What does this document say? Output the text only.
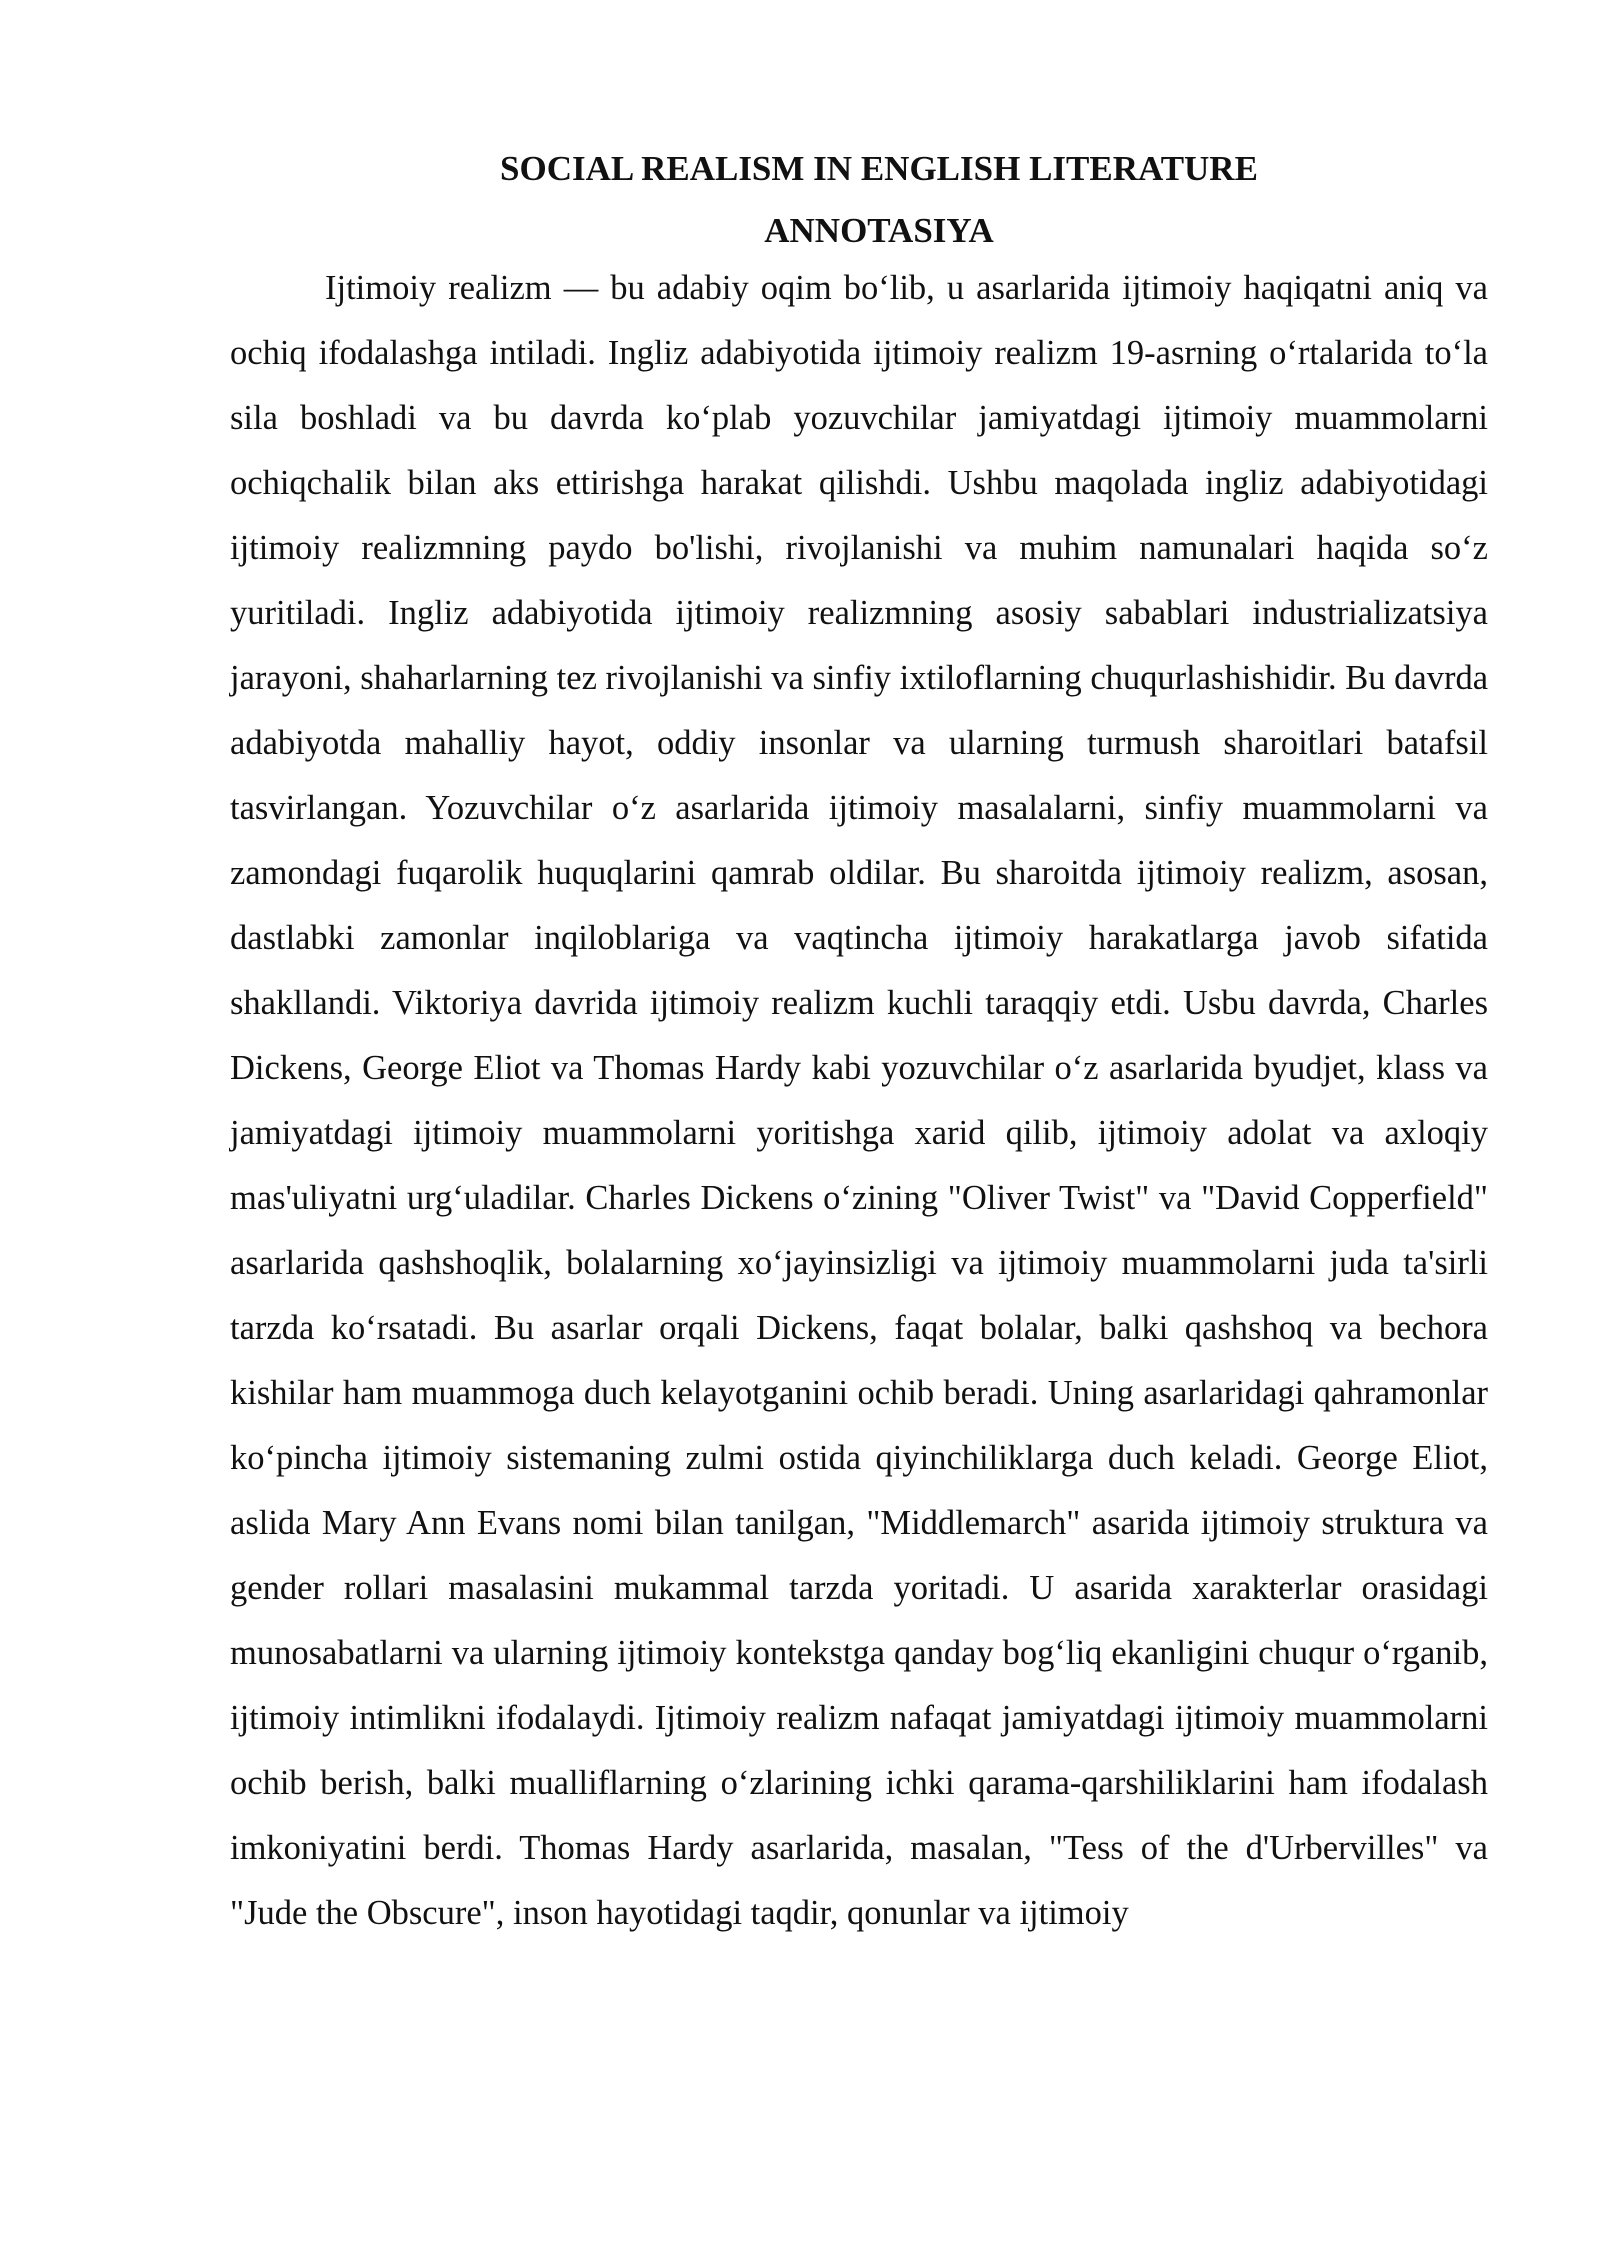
SOCIAL REALISM IN ENGLISH LITERATURE
ANNOTASIYA

Ijtimoiy realizm — bu adabiy oqim bo‘lib, u asarlarida ijtimoiy haqiqatni aniq va ochiq ifodalashga intiladi. Ingliz adabiyotida ijtimoiy realizm 19-asrning o‘rtalarida to‘la sila boshladi va bu davrda ko‘plab yozuvchilar jamiyatdagi ijtimoiy muammolarni ochiqchalik bilan aks ettirishga harakat qilishdi. Ushbu maqolada ingliz adabiyotidagi ijtimoiy realizmning paydo bo'lishi, rivojlanishi va muhim namunalari haqida so‘z yuritiladi. Ingliz adabiyotida ijtimoiy realizmning asosiy sabablari industrializatsiya jarayoni, shaharlarning tez rivojlanishi va sinfiy ixtiloflarning chuqurlashishidir. Bu davrda adabiyotda mahalliy hayot, oddiy insonlar va ularning turmush sharoitlari batafsil tasvirlangan. Yozuvchilar o‘z asarlarida ijtimoiy masalalarni, sinfiy muammolarni va zamondagi fuqarolik huquqlarini qamrab oldilar. Bu sharoitda ijtimoiy realizm, asosan, dastlabki zamonlar inqiloblariga va vaqtincha ijtimoiy harakatlarga javob sifatida shakllandi. Viktoriya davrida ijtimoiy realizm kuchli taraqqiy etdi. Usbu davrda, Charles Dickens, George Eliot va Thomas Hardy kabi yozuvchilar o‘z asarlarida byudjet, klass va jamiyatdagi ijtimoiy muammolarni yoritishga xarid qilib, ijtimoiy adolat va axloqiy mas'uliyatni urg‘uladilar. Charles Dickens o‘zining "Oliver Twist" va "David Copperfield" asarlarida qashshoqlik, bolalarning xo‘jayinsizligi va ijtimoiy muammolarni juda ta'sirli tarzda ko‘rsatadi. Bu asarlar orqali Dickens, faqat bolalar, balki qashshoq va bechora kishilar ham muammoga duch kelayotganini ochib beradi. Uning asarlaridagi qahramonlar ko‘pincha ijtimoiy sistemaning zulmi ostida qiyinchiliklarga duch keladi. George Eliot, aslida Mary Ann Evans nomi bilan tanilgan, "Middlemarch" asarida ijtimoiy struktura va gender rollari masalasini mukammal tarzda yoritadi. U asarida xarakterlar orasidagi munosabatlarni va ularning ijtimoiy kontekstga qanday bog‘liq ekanligini chuqur o‘rganib, ijtimoiy intimlikni ifodalaydi. Ijtimoiy realizm nafaqat jamiyatdagi ijtimoiy muammolarni ochib berish, balki mualliflarning o‘zlarining ichki qarama-qarshiliklarini ham ifodalash imkoniyatini berdi. Thomas Hardy asarlarida, masalan, "Tess of the d'Urbervilles" va "Jude the Obscure", inson hayotidagi taqdir, qonunlar va ijtimoiy
